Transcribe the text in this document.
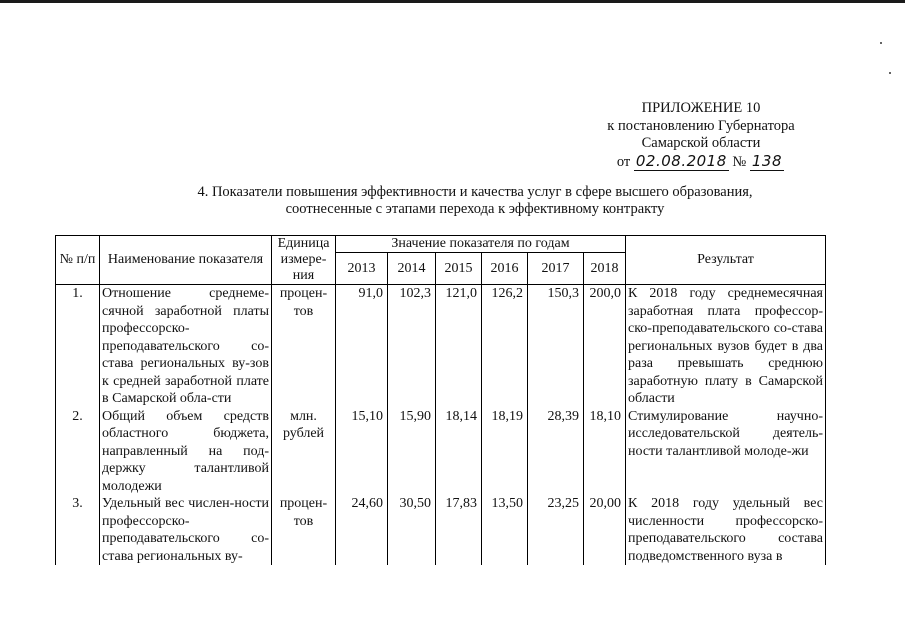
ПРИЛОЖЕНИЕ 10
к постановлению Губернатора
Самарской области
от 02.08.2018 № 138
4. Показатели повышения эффективности и качества услуг в сфере высшего образования,
соотнесенные с этапами перехода к эффективному контракту
№ п/п	Наименование показателя	Единица измере-ния	Значение показателя по годам						Результат
			2013	2014	2015	2016	2017	2018	
1.	Отношение среднеме-сячной заработной платы профессорско-преподавательского со-става региональных ву-зов к средней заработной плате в Самарской обла-сти	процен-тов	91,0	102,3	121,0	126,2	150,3	200,0	К 2018 году среднемесячная заработная плата профессор-ско-преподавательского со-става региональных вузов будет в два раза превышать среднюю заработную плату в Самарской области
2.	Общий объем средств областного бюджета, направленный на под-держку талантливой молодежи	млн. рублей	15,10	15,90	18,14	18,19	28,39	18,10	Стимулирование научно-исследовательской деятель-ности талантливой молоде-жи
3.	Удельный вес числен-ности профессорско-преподавательского со-става региональных ву-	процен-тов	24,60	30,50	17,83	13,50	23,25	20,00	К 2018 году удельный вес численности профессорско-преподавательского состава подведомственного вуза в
